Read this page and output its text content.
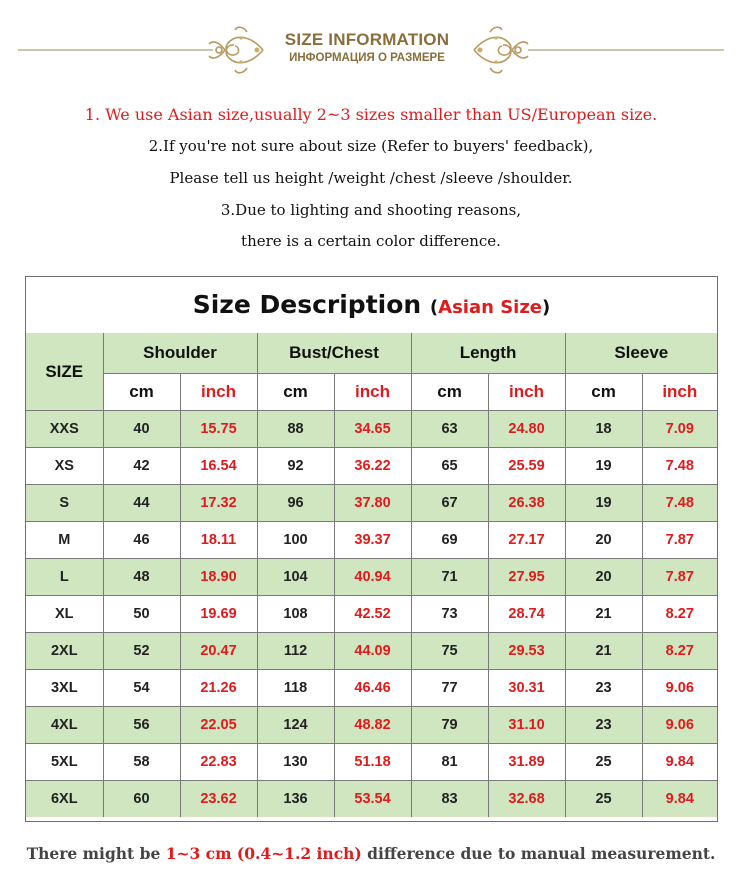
SIZE INFORMATION
ИНФОРМАЦИЯ О РАЗМЕРЕ
1. We use Asian size,usually 2~3 sizes smaller than US/European size.
2.If you're not sure about size (Refer to buyers' feedback),
Please tell us height /weight /chest /sleeve /shoulder.
3.Due to lighting and shooting reasons,
there is a certain color difference.
Size Description (Asian Size)
SIZE	Shoulder		Bust/Chest		Length		Sleeve	
	cm	inch	cm	inch	cm	inch	cm	inch
XXS	40	15.75	88	34.65	63	24.80	18	7.09
XS	42	16.54	92	36.22	65	25.59	19	7.48
S	44	17.32	96	37.80	67	26.38	19	7.48
M	46	18.11	100	39.37	69	27.17	20	7.87
L	48	18.90	104	40.94	71	27.95	20	7.87
XL	50	19.69	108	42.52	73	28.74	21	8.27
2XL	52	20.47	112	44.09	75	29.53	21	8.27
3XL	54	21.26	118	46.46	77	30.31	23	9.06
4XL	56	22.05	124	48.82	79	31.10	23	9.06
5XL	58	22.83	130	51.18	81	31.89	25	9.84
6XL	60	23.62	136	53.54	83	32.68	25	9.84
There might be 1~3 cm (0.4~1.2 inch) difference due to manual measurement.
